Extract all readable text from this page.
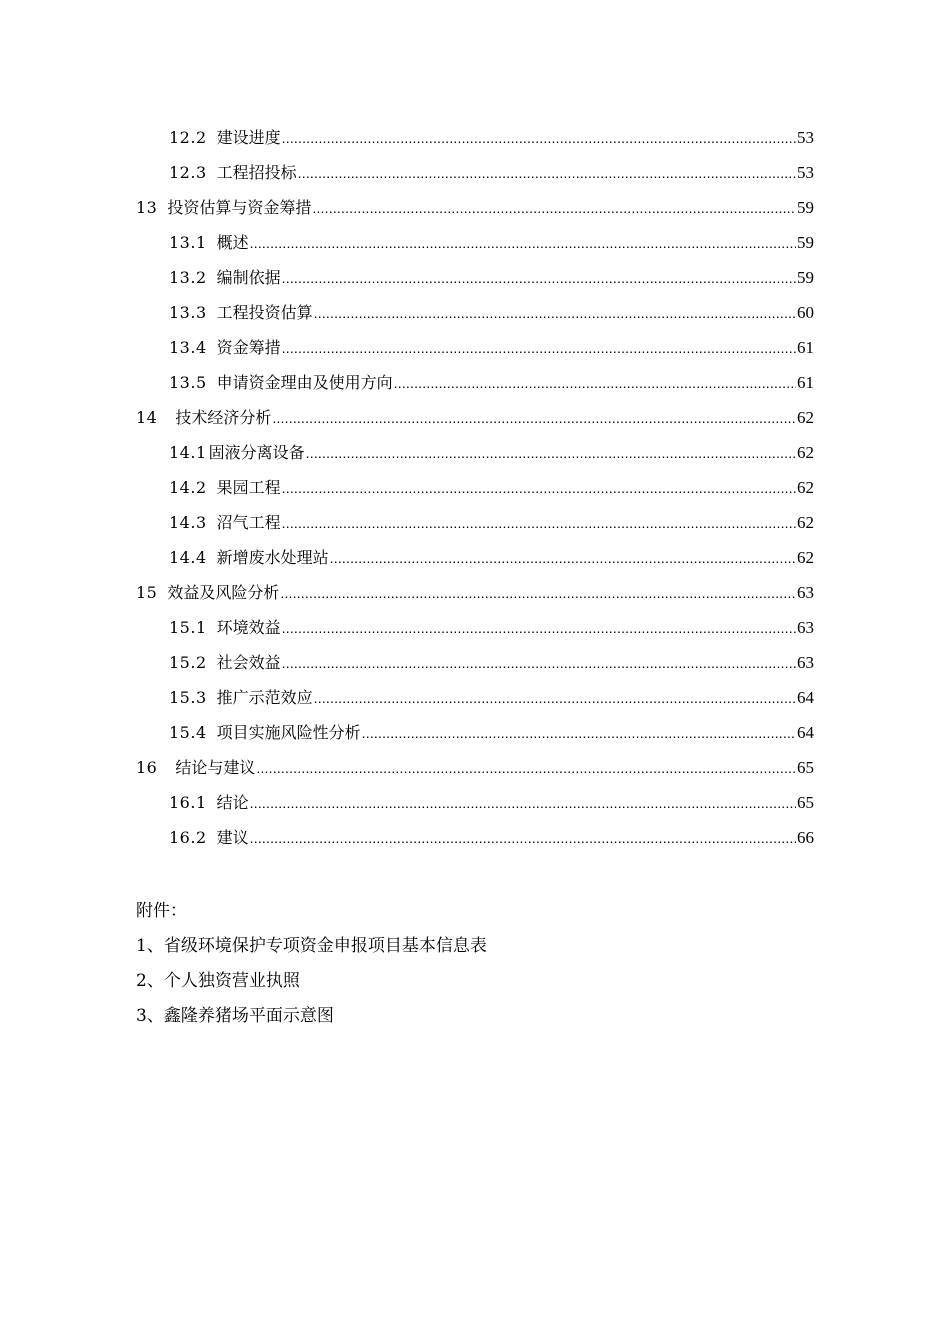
12.2 建设进度 .....	53
12.3 工程招投标 .....	53
13 投资估算与资金筹措 .....	59
13.1 概述 .....	59
13.2 编制依据 .....	59
13.3 工程投资估算 .....	60
13.4 资金筹措 .....	61
13.5 申请资金理由及使用方向 .....	61
14 技术经济分析 .....	62
14.1 固液分离设备 .....	62
14.2 果园工程 .....	62
14.3 沼气工程 .....	62
14.4 新增废水处理站 .....	62
15 效益及风险分析 .....	63
15.1 环境效益 .....	63
15.2 社会效益 .....	63
15.3 推广示范效应 .....	64
15.4 项目实施风险性分析 .....	64
16 结论与建议 .....	65
16.1 结论 .....	65
16.2 建议 .....	66
附件：
1、省级环境保护专项资金申报项目基本信息表
2、个人独资营业执照
3、鑫隆养猪场平面示意图
